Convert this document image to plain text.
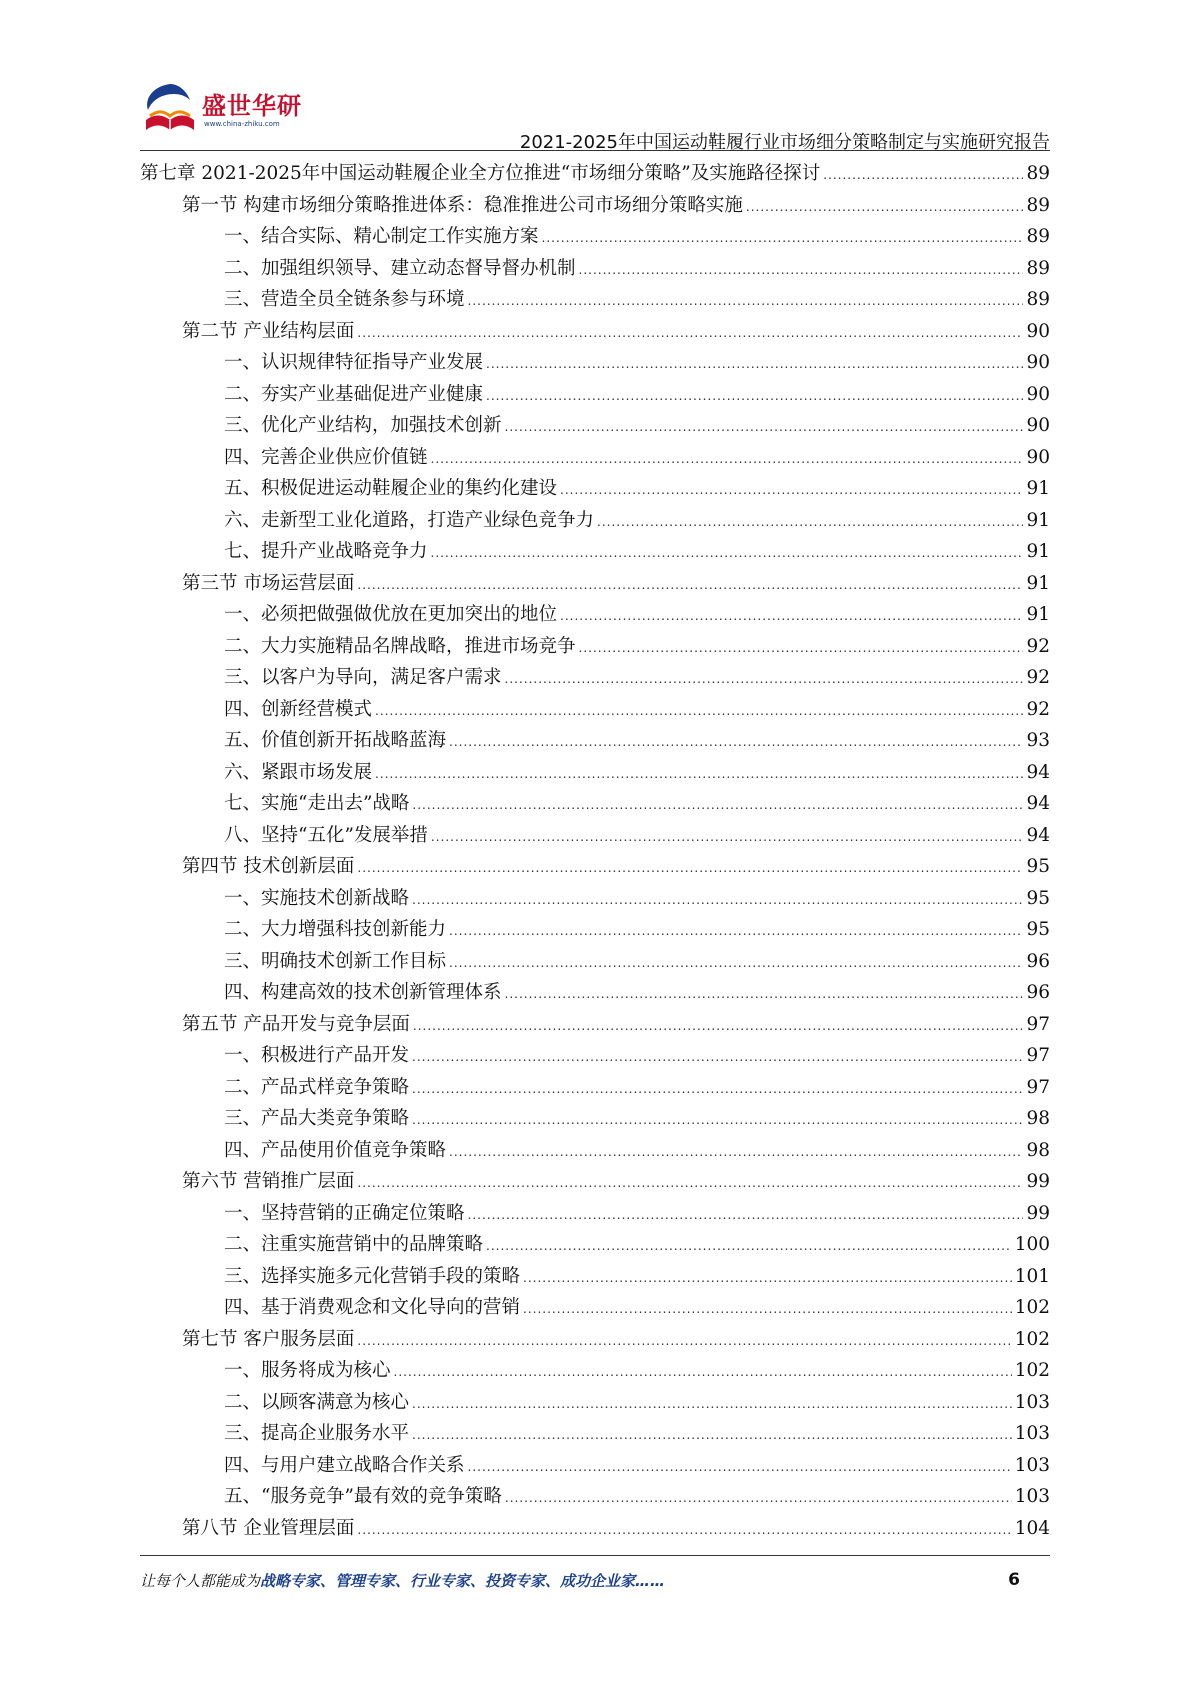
盛世华研
www.china-zhiku.com
2021-2025年中国运动鞋履行业市场细分策略制定与实施研究报告
第七章 2021-2025年中国运动鞋履企业全方位推进“市场细分策略”及实施路径探讨 .....	89
第一节 构建市场细分策略推进体系：稳准推进公司市场细分策略实施 .....	89
一、结合实际、精心制定工作实施方案 .....	89
二、加强组织领导、建立动态督导督办机制 .....	89
三、营造全员全链条参与环境 .....	89
第二节 产业结构层面 .....	90
一、认识规律特征指导产业发展 .....	90
二、夯实产业基础促进产业健康 .....	90
三、优化产业结构，加强技术创新 .....	90
四、完善企业供应价值链 .....	90
五、积极促进运动鞋履企业的集约化建设 .....	91
六、走新型工业化道路，打造产业绿色竞争力 .....	91
七、提升产业战略竞争力 .....	91
第三节 市场运营层面 .....	91
一、必须把做强做优放在更加突出的地位 .....	91
二、大力实施精品名牌战略，推进市场竞争 .....	92
三、以客户为导向，满足客户需求 .....	92
四、创新经营模式 .....	92
五、价值创新开拓战略蓝海 .....	93
六、紧跟市场发展 .....	94
七、实施“走出去”战略 .....	94
八、坚持“五化”发展举措 .....	94
第四节 技术创新层面 .....	95
一、实施技术创新战略 .....	95
二、大力增强科技创新能力 .....	95
三、明确技术创新工作目标 .....	96
四、构建高效的技术创新管理体系 .....	96
第五节 产品开发与竞争层面 .....	97
一、积极进行产品开发 .....	97
二、产品式样竞争策略 .....	97
三、产品大类竞争策略 .....	98
四、产品使用价值竞争策略 .....	98
第六节 营销推广层面 .....	99
一、坚持营销的正确定位策略 .....	99
二、注重实施营销中的品牌策略 .....	100
三、选择实施多元化营销手段的策略 .....	101
四、基于消费观念和文化导向的营销 .....	102
第七节 客户服务层面 .....	102
一、服务将成为核心 .....	102
二、以顾客满意为核心 .....	103
三、提高企业服务水平 .....	103
四、与用户建立战略合作关系 .....	103
五、“服务竞争”最有效的竞争策略 .....	103
第八节 企业管理层面 .....	104
让每个人都能成为战略专家、管理专家、行业专家、投资专家、成功企业家……	6
